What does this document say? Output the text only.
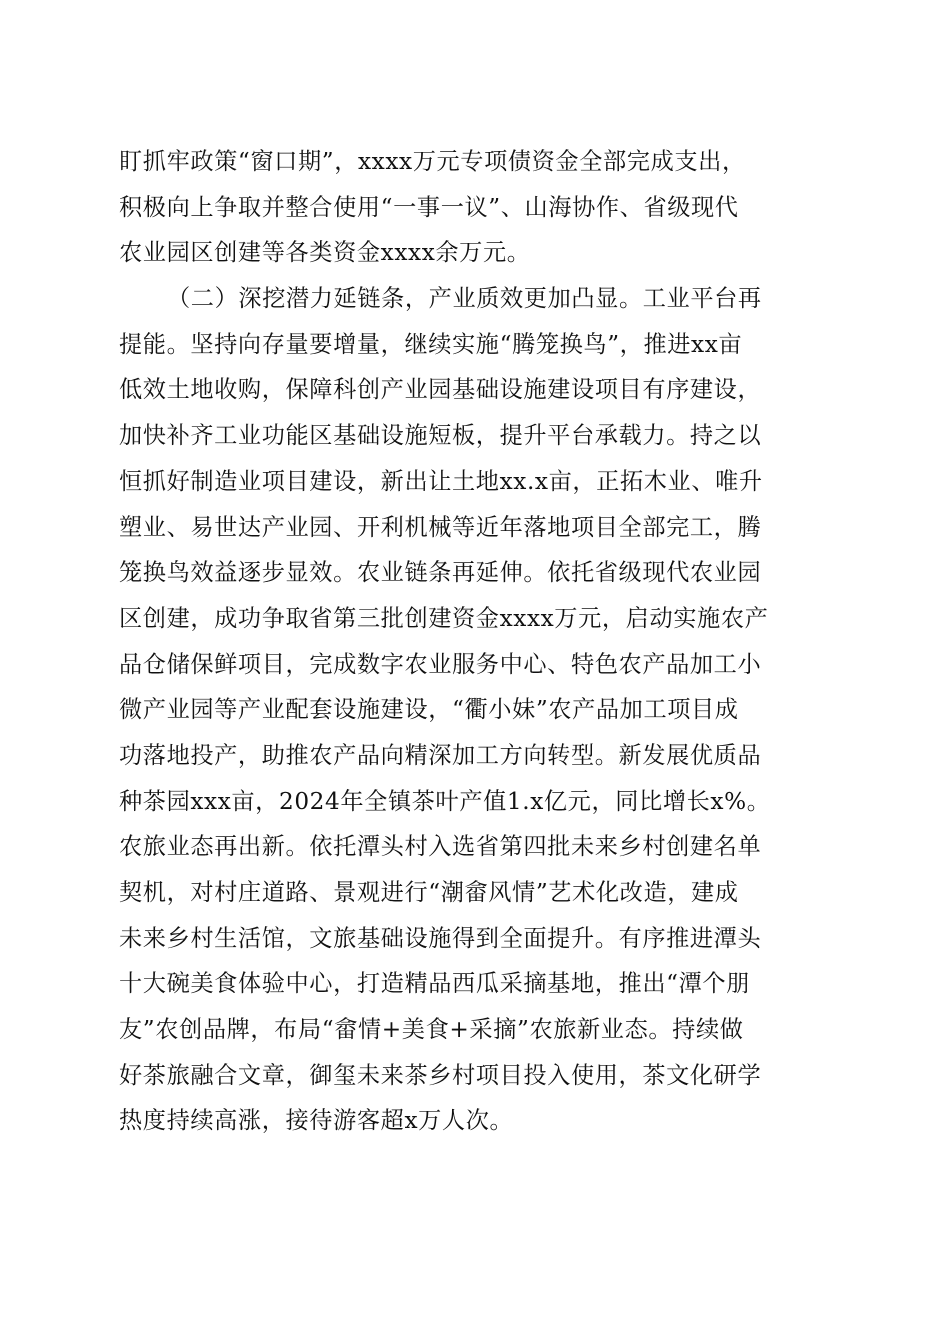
盯抓牢政策“窗口期”，xxxx万元专项债资金全部完成支出，
积极向上争取并整合使用“一事一议”、山海协作、省级现代
农业园区创建等各类资金xxxx余万元。
（二）深挖潜力延链条，产业质效更加凸显。工业平台再
提能。坚持向存量要增量，继续实施“腾笼换鸟”，推进xx亩
低效土地收购，保障科创产业园基础设施建设项目有序建设，
加快补齐工业功能区基础设施短板，提升平台承载力。持之以
恒抓好制造业项目建设，新出让土地xx.x亩，正拓木业、唯升
塑业、易世达产业园、开利机械等近年落地项目全部完工，腾
笼换鸟效益逐步显效。农业链条再延伸。依托省级现代农业园
区创建，成功争取省第三批创建资金xxxx万元，启动实施农产
品仓储保鲜项目，完成数字农业服务中心、特色农产品加工小
微产业园等产业配套设施建设，“衢小妹”农产品加工项目成
功落地投产，助推农产品向精深加工方向转型。新发展优质品
种茶园xxx亩，2024年全镇茶叶产值1.x亿元，同比增长x%。
农旅业态再出新。依托潭头村入选省第四批未来乡村创建名单
契机，对村庄道路、景观进行“潮畲风情”艺术化改造，建成
未来乡村生活馆，文旅基础设施得到全面提升。有序推进潭头
十大碗美食体验中心，打造精品西瓜采摘基地，推出“潭个朋
友”农创品牌，布局“畲情+美食+采摘”农旅新业态。持续做
好茶旅融合文章，御玺未来茶乡村项目投入使用，茶文化研学
热度持续高涨，接待游客超x万人次。
